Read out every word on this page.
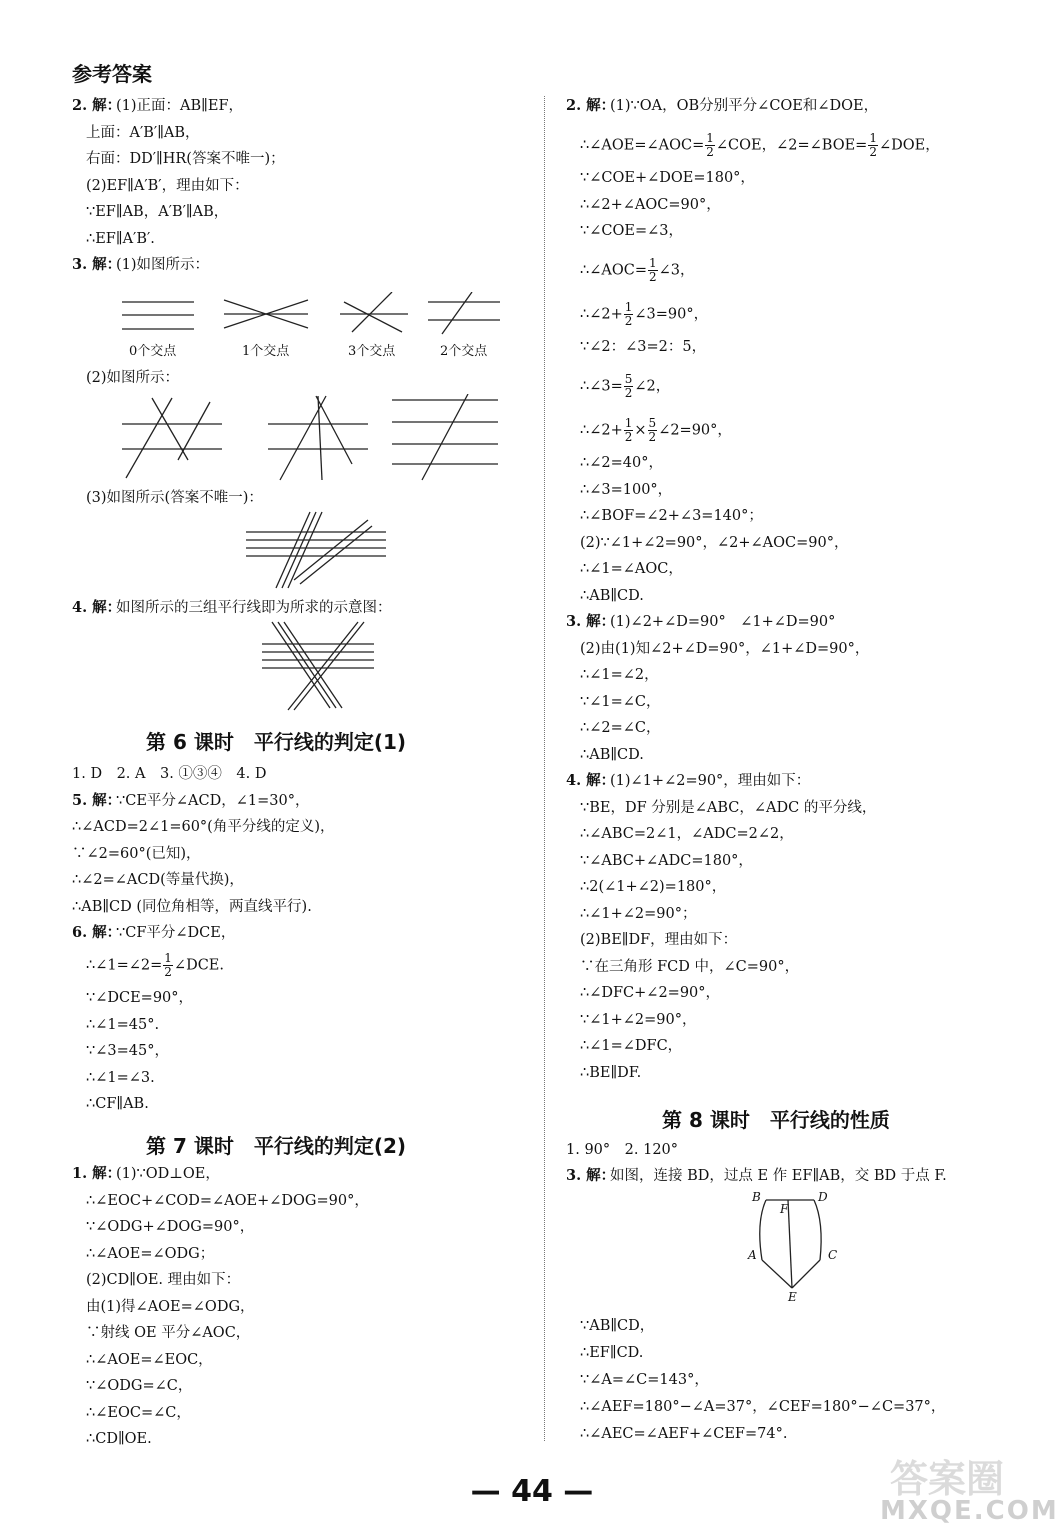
参考答案
2. 解：
(1)正面：AB∥EF，
上面：A′B′∥AB，
右面：DD′∥HR(答案不唯一)；
(2)EF∥A′B′，理由如下：
∵EF∥AB，A′B′∥AB，
∴EF∥A′B′.
3. 解：
(1)如图所示：
0个交点	1个交点	3个交点	2个交点
(2)如图所示：
(3)如图所示(答案不唯一)：
4. 解：
如图所示的三组平行线即为所求的示意图：
第 6 课时　平行线的判定(1)
1. D　2. A　3. ①③④　4. D
5. 解：
∵CE平分∠ACD，∠1=30°，
∴∠ACD=2∠1=60°(角平分线的定义)，
∵∠2=60°(已知)，
∴∠2=∠ACD(等量代换)，
∴AB∥CD (同位角相等，两直线平行).
6. 解：
∵CF平分∠DCE，
∴∠1=∠2= $\frac{1}{2}$ ∠DCE.
∵∠DCE=90°，
∴∠1=45°.
∵∠3=45°，
∴∠1=∠3.
∴CF∥AB.
第 7 课时　平行线的判定(2)
1. 解：
(1)∵OD⊥OE，
∴∠EOC+∠COD=∠AOE+∠DOG=90°，
∵∠ODG+∠DOG=90°，
∴∠AOE=∠ODG；
(2)CD∥OE. 理由如下：
由(1)得∠AOE=∠ODG，
∵射线 OE 平分∠AOC，
∴∠AOE=∠EOC，
∵∠ODG=∠C，
∴∠EOC=∠C，
∴CD∥OE.
2. 解：
(1)∵OA，OB分别平分∠COE和∠DOE，
∴∠AOE=∠AOC= $\frac{1}{2}$ ∠COE，∠2=∠BOE= $\frac{1}{2}$ ∠DOE，
∵∠COE+∠DOE=180°，
∴∠2+∠AOC=90°，
∵∠COE=∠3，
∴∠AOC= $\frac{1}{2}$ ∠3，
∴∠2+ $\frac{1}{2}$ ∠3=90°，
∵∠2：∠3=2：5，
∴∠3= $\frac{5}{2}$ ∠2，
∴∠2+ $\frac{1}{2} \times \frac{5}{2}$ ∠2=90°，
∴∠2=40°，
∴∠3=100°，
∴∠BOF=∠2+∠3=140°；
(2)∵∠1+∠2=90°，∠2+∠AOC=90°，
∴∠1=∠AOC，
∴AB∥CD.
3. 解：
(1)∠2+∠D=90°　∠1+∠D=90°
(2)由(1)知∠2+∠D=90°，∠1+∠D=90°，
∴∠1=∠2，
∵∠1=∠C，
∴∠2=∠C，
∴AB∥CD.
4. 解：
(1)∠1+∠2=90°，理由如下：
∵BE，DF 分别是∠ABC，∠ADC 的平分线，
∴∠ABC=2∠1，∠ADC=2∠2，
∵∠ABC+∠ADC=180°，
∴2(∠1+∠2)=180°，
∴∠1+∠2=90°；
(2)BE∥DF，理由如下：
∵在三角形 FCD 中，∠C=90°，
∴∠DFC+∠2=90°，
∵∠1+∠2=90°，
∴∠1=∠DFC，
∴BE∥DF.
第 8 课时　平行线的性质
1. 90°　2. 120°
3. 解：
如图，连接 BD，过点 E 作 EF∥AB，交 BD 于点 F.
B
F
D
A	C
E
∵AB∥CD，
∴EF∥CD.
∵∠A=∠C=143°，
∴∠AEF=180°−∠A=37°，∠CEF=180°−∠C=37°，
∴∠AEC=∠AEF+∠CEF=74°.
— 44 —	答案圈
MXQE.COM
